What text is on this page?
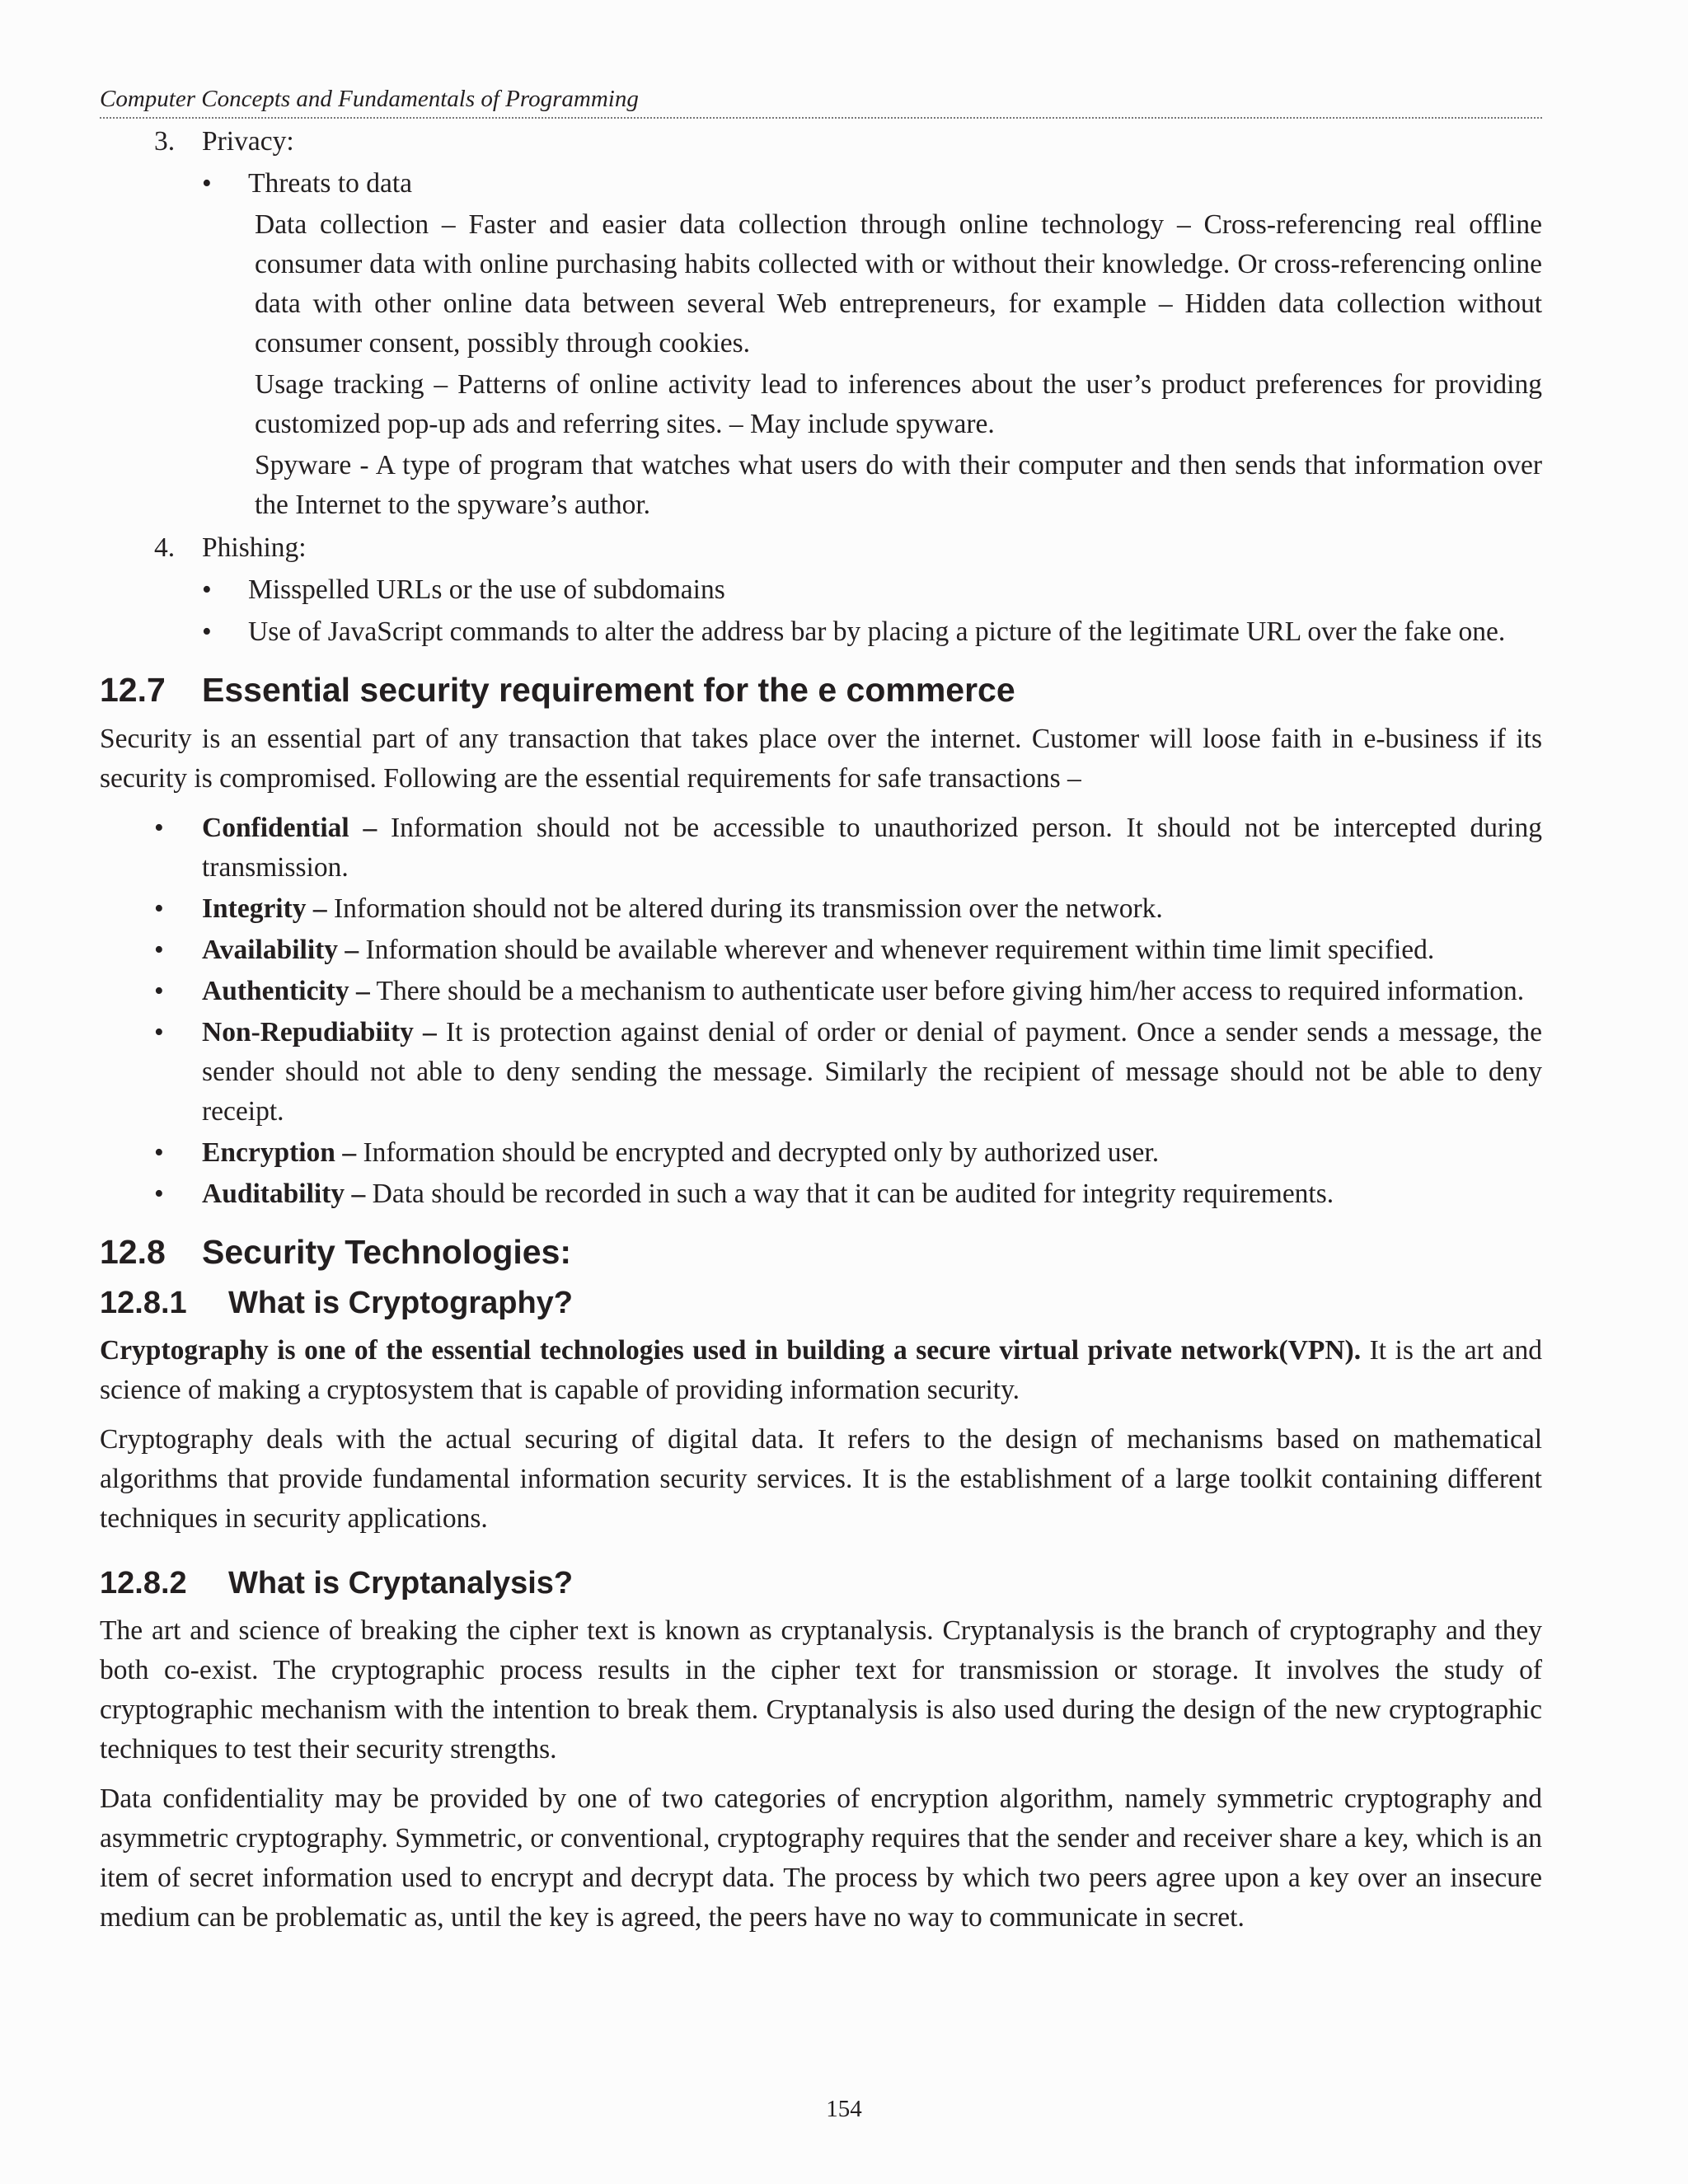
Computer Concepts and Fundamentals of Programming
3. Privacy:
• Threats to data
Data collection – Faster and easier data collection through online technology – Cross-referencing real offline consumer data with online purchasing habits collected with or without their knowledge. Or cross-referencing online data with other online data between several Web entrepreneurs, for example – Hidden data collection without consumer consent, possibly through cookies.
Usage tracking – Patterns of online activity lead to inferences about the user’s product preferences for providing customized pop-up ads and referring sites. – May include spyware.
Spyware - A type of program that watches what users do with their computer and then sends that information over the Internet to the spyware’s author.
4. Phishing:
• Misspelled URLs or the use of subdomains
• Use of JavaScript commands to alter the address bar by placing a picture of the legitimate URL over the fake one.
12.7 Essential security requirement for the e commerce
Security is an essential part of any transaction that takes place over the internet. Customer will loose faith in e-business if its security is compromised. Following are the essential requirements for safe transactions –
• Confidential – Information should not be accessible to unauthorized person. It should not be intercepted during transmission.
• Integrity – Information should not be altered during its transmission over the network.
• Availability – Information should be available wherever and whenever requirement within time limit specified.
• Authenticity – There should be a mechanism to authenticate user before giving him/her access to required information.
• Non-Repudiabiity – It is protection against denial of order or denial of payment. Once a sender sends a message, the sender should not able to deny sending the message. Similarly the recipient of message should not be able to deny receipt.
• Encryption – Information should be encrypted and decrypted only by authorized user.
• Auditability – Data should be recorded in such a way that it can be audited for integrity requirements.
12.8 Security Technologies:
12.8.1 What is Cryptography?
Cryptography is one of the essential technologies used in building a secure virtual private network(VPN). It is the art and science of making a cryptosystem that is capable of providing information security.
Cryptography deals with the actual securing of digital data. It refers to the design of mechanisms based on mathematical algorithms that provide fundamental information security services. It is the establishment of a large toolkit containing different techniques in security applications.
12.8.2 What is Cryptanalysis?
The art and science of breaking the cipher text is known as cryptanalysis. Cryptanalysis is the branch of cryptography and they both co-exist. The cryptographic process results in the cipher text for transmission or storage. It involves the study of cryptographic mechanism with the intention to break them. Cryptanalysis is also used during the design of the new cryptographic techniques to test their security strengths.
Data confidentiality may be provided by one of two categories of encryption algorithm, namely symmetric cryptography and asymmetric cryptography. Symmetric, or conventional, cryptography requires that the sender and receiver share a key, which is an item of secret information used to encrypt and decrypt data. The process by which two peers agree upon a key over an insecure medium can be problematic as, until the key is agreed, the peers have no way to communicate in secret.
154
